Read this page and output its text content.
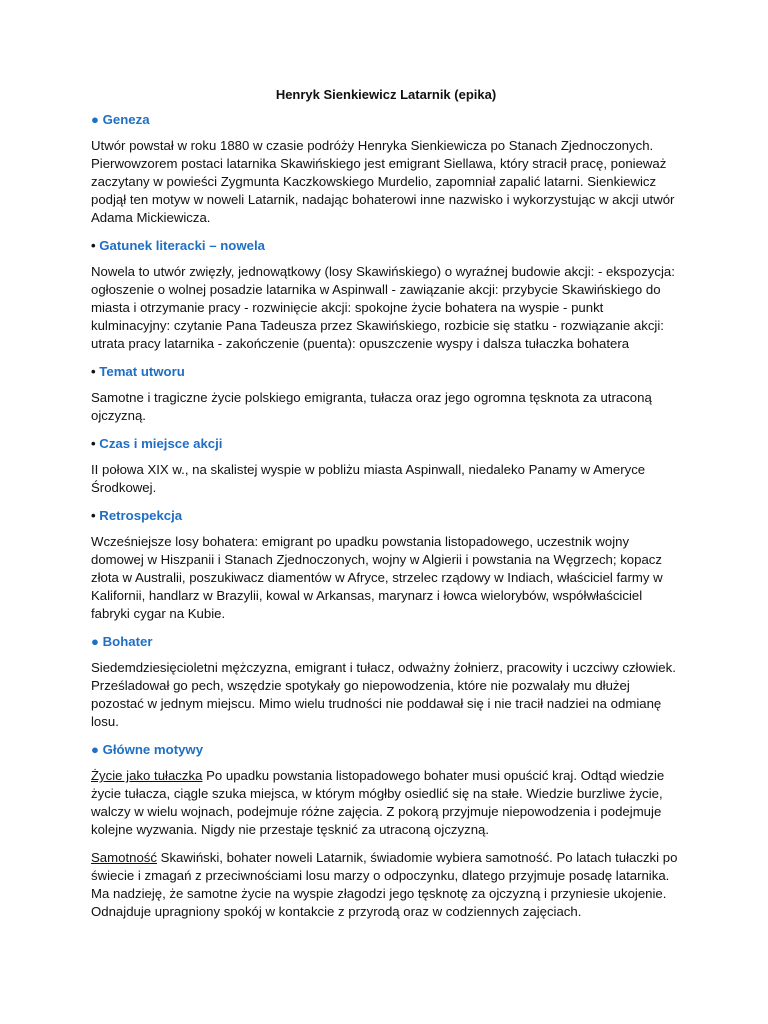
Henryk Sienkiewicz Latarnik (epika)
● Geneza
Utwór powstał w roku 1880 w czasie podróży Henryka Sienkiewicza po Stanach Zjednoczonych. Pierwowzorem postaci latarnika Skawińskiego jest emigrant Siellawa, który stracił pracę, ponieważ zaczytany w powieści Zygmunta Kaczkowskiego Murdelio, zapomniał zapalić latarni. Sienkiewicz podjął ten motyw w noweli Latarnik, nadając bohaterowi inne nazwisko i wykorzystując w akcji utwór Adama Mickiewicza.
• Gatunek literacki – nowela
Nowela to utwór zwięzły, jednowątkowy (losy Skawińskiego) o wyraźnej budowie akcji: - ekspozycja: ogłoszenie o wolnej posadzie latarnika w Aspinwall - zawiązanie akcji: przybycie Skawińskiego do miasta i otrzymanie pracy - rozwinięcie akcji: spokojne życie bohatera na wyspie - punkt kulminacyjny: czytanie Pana Tadeusza przez Skawińskiego, rozbicie się statku - rozwiązanie akcji: utrata pracy latarnika - zakończenie (puenta): opuszczenie wyspy i dalsza tułaczka bohatera
• Temat utworu
Samotne i tragiczne życie polskiego emigranta, tułacza oraz jego ogromna tęsknota za utraconą ojczyzną.
• Czas i miejsce akcji
II połowa XIX w., na skalistej wyspie w pobliżu miasta Aspinwall, niedaleko Panamy w Ameryce Środkowej.
• Retrospekcja
Wcześniejsze losy bohatera: emigrant po upadku powstania listopadowego, uczestnik wojny domowej w Hiszpanii i Stanach Zjednoczonych, wojny w Algierii i powstania na Węgrzech; kopacz złota w Australii, poszukiwacz diamentów w Afryce, strzelec rządowy w Indiach, właściciel farmy w Kalifornii, handlarz w Brazylii, kowal w Arkansas, marynarz i łowca wielorybów, współwłaściciel fabryki cygar na Kubie.
● Bohater
Siedemdziesięcioletni mężczyzna, emigrant i tułacz, odważny żołnierz, pracowity i uczciwy człowiek. Prześladował go pech, wszędzie spotykały go niepowodzenia, które nie pozwalały mu dłużej pozostać w jednym miejscu. Mimo wielu trudności nie poddawał się i nie tracił nadziei na odmianę losu.
● Główne motywy
Życie jako tułaczka Po upadku powstania listopadowego bohater musi opuścić kraj. Odtąd wiedzie życie tułacza, ciągle szuka miejsca, w którym mógłby osiedlić się na stałe. Wiedzie burzliwe życie, walczy w wielu wojnach, podejmuje różne zajęcia. Z pokorą przyjmuje niepowodzenia i podejmuje kolejne wyzwania. Nigdy nie przestaje tęsknić za utraconą ojczyzną.
Samotność Skawiński, bohater noweli Latarnik, świadomie wybiera samotność. Po latach tułaczki po świecie i zmagań z przeciwnościami losu marzy o odpoczynku, dlatego przyjmuje posadę latarnika. Ma nadzieję, że samotne życie na wyspie złagodzi jego tęsknotę za ojczyzną i przyniesie ukojenie. Odnajduje upragniony spokój w kontakcie z przyrodą oraz w codziennych zajęciach.
